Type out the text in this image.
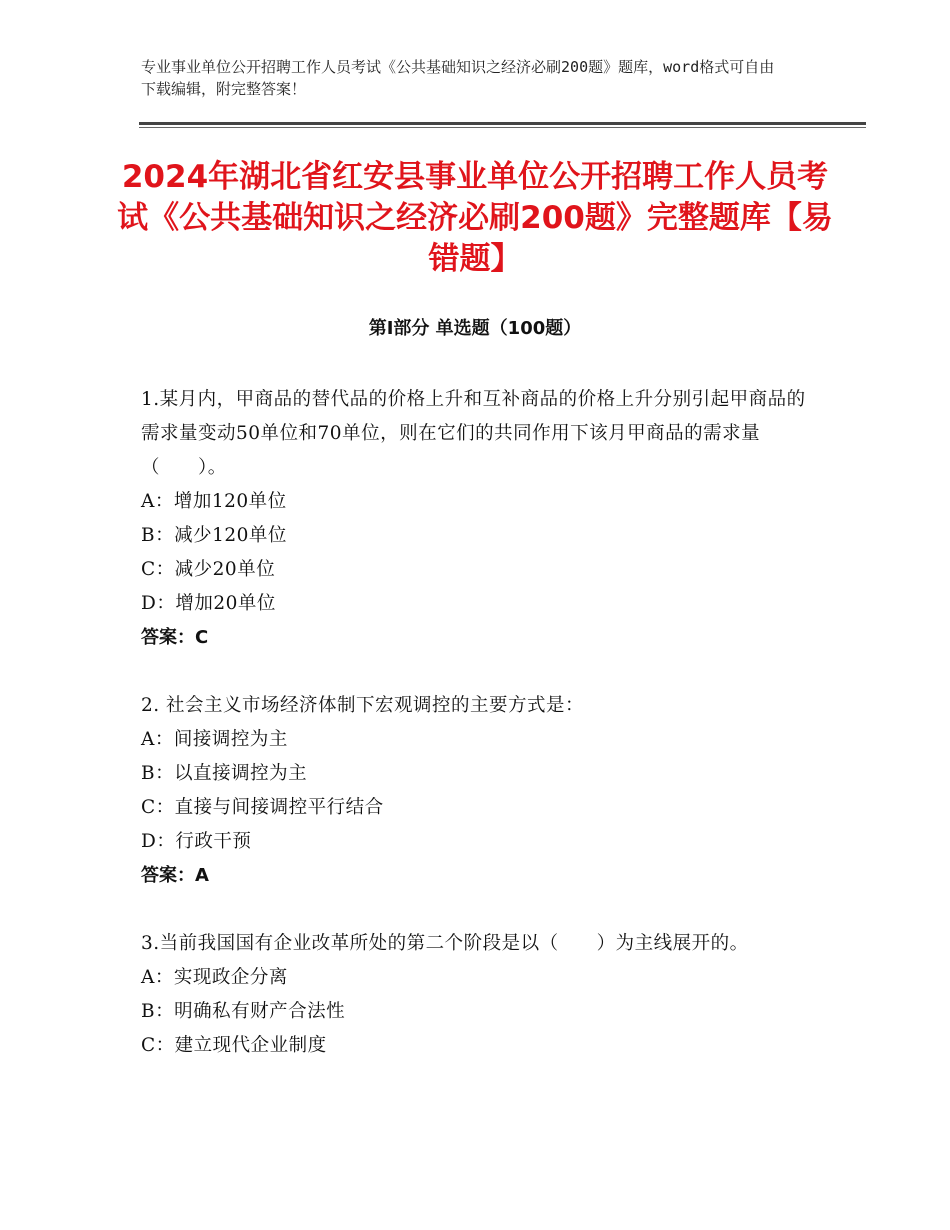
专业事业单位公开招聘工作人员考试《公共基础知识之经济必刷200题》题库，word格式可自由下载编辑，附完整答案！
2024年湖北省红安县事业单位公开招聘工作人员考试《公共基础知识之经济必刷200题》完整题库【易错题】
第Ⅰ部分 单选题（100题）
1.某月内，甲商品的替代品的价格上升和互补商品的价格上升分别引起甲商品的需求量变动50单位和70单位，则在它们的共同作用下该月甲商品的需求量（　　）。
A：增加120单位
B：减少120单位
C：减少20单位
D：增加20单位
答案：C
2. 社会主义市场经济体制下宏观调控的主要方式是：
A：间接调控为主
B：以直接调控为主
C：直接与间接调控平行结合
D：行政干预
答案：A
3.当前我国国有企业改革所处的第二个阶段是以（　　）为主线展开的。
A：实现政企分离
B：明确私有财产合法性
C：建立现代企业制度
